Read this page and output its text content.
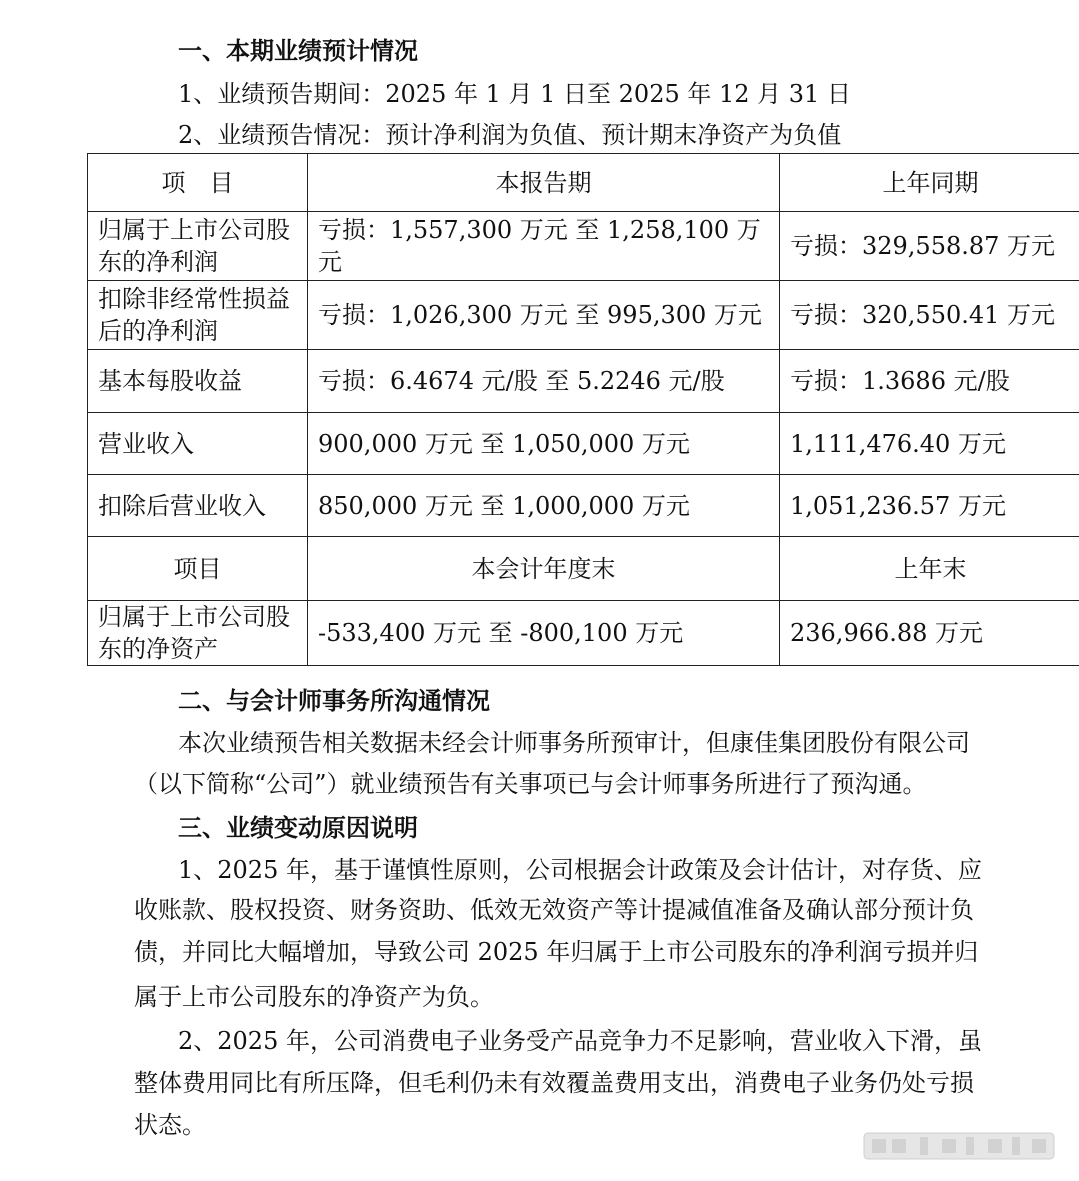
一、本期业绩预计情况
1、业绩预告期间：2025 年 1 月 1 日至 2025 年 12 月 31 日
2、业绩预告情况：预计净利润为负值、预计期末净资产为负值
项　目	本报告期	上年同期
归属于上市公司股东的净利润	亏损：1,557,300 万元 至 1,258,100 万元	亏损：329,558.87 万元
扣除非经常性损益后的净利润	亏损：1,026,300 万元 至 995,300 万元	亏损：320,550.41 万元
基本每股收益	亏损：6.4674 元/股 至 5.2246 元/股	亏损：1.3686 元/股
营业收入	900,000 万元 至 1,050,000 万元	1,111,476.40 万元
扣除后营业收入	850,000 万元 至 1,000,000 万元	1,051,236.57 万元
项目	本会计年度末	上年末
归属于上市公司股东的净资产	-533,400 万元 至 -800,100 万元	236,966.88 万元
二、与会计师事务所沟通情况
本次业绩预告相关数据未经会计师事务所预审计，但康佳集团股份有限公司
（以下简称“公司”）就业绩预告有关事项已与会计师事务所进行了预沟通。
三、业绩变动原因说明
1、2025 年，基于谨慎性原则，公司根据会计政策及会计估计，对存货、应
收账款、股权投资、财务资助、低效无效资产等计提减值准备及确认部分预计负
债，并同比大幅增加，导致公司 2025 年归属于上市公司股东的净利润亏损并归
属于上市公司股东的净资产为负。
2、2025 年，公司消费电子业务受产品竞争力不足影响，营业收入下滑，虽
整体费用同比有所压降，但毛利仍未有效覆盖费用支出，消费电子业务仍处亏损
状态。
